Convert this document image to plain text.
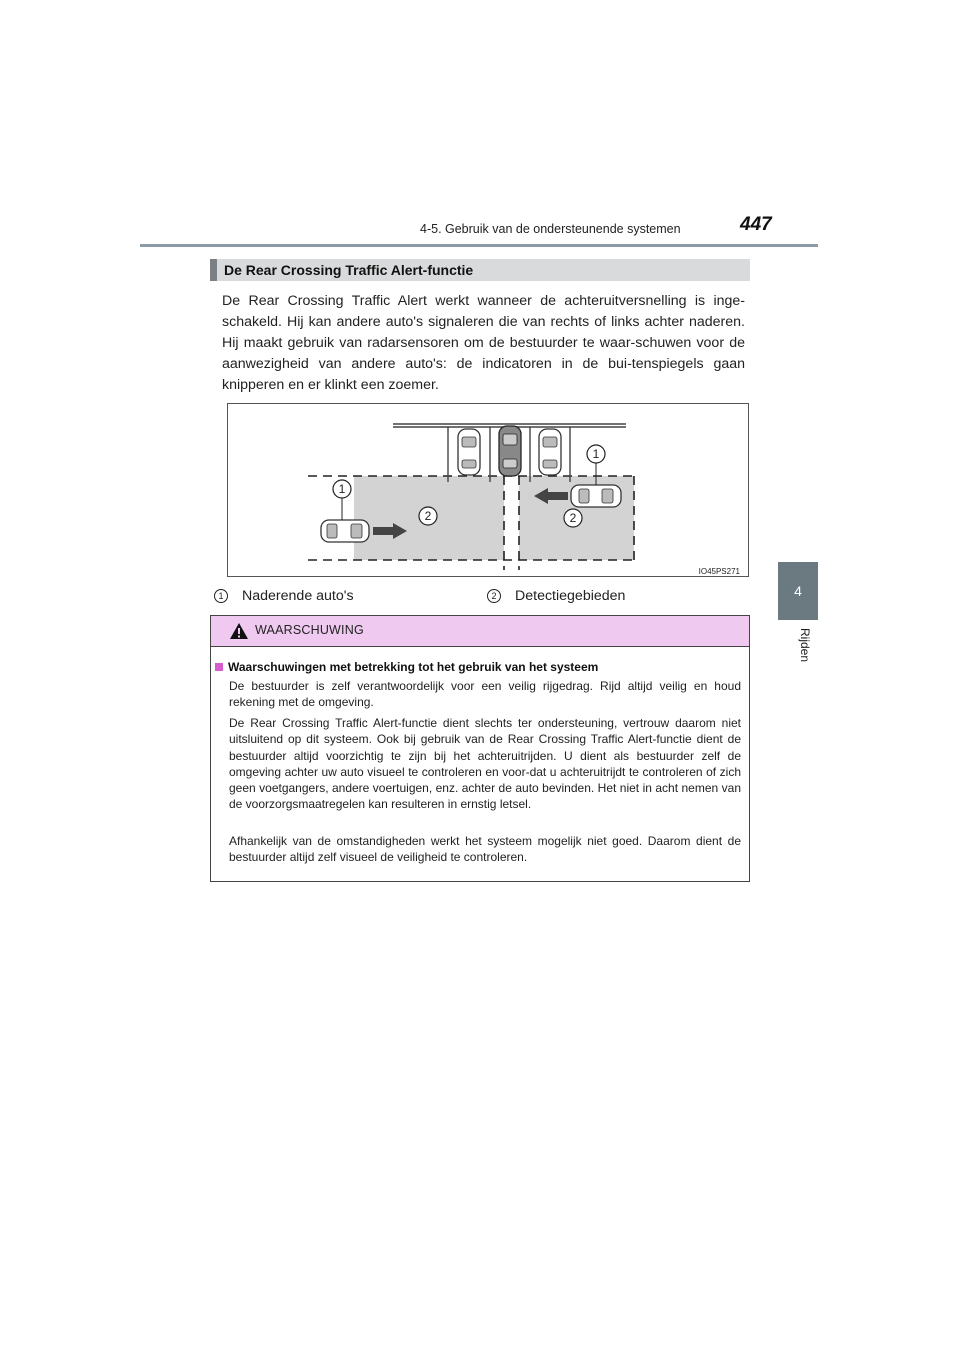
4-5. Gebruik van de ondersteunende systemen	447
4
Rijden
De Rear Crossing Traffic Alert-functie
De Rear Crossing Traffic Alert werkt wanneer de achteruitversnelling is inge-schakeld. Hij kan andere auto's signaleren die van rechts of links achter naderen. Hij maakt gebruik van radarsensoren om de bestuurder te waar-schuwen voor de aanwezigheid van andere auto's: de indicatoren in de bui-tenspiegels gaan knipperen en er klinkt een zoemer.
1
1
2	2
IO45PS271
1 Naderende auto's	2 Detectiegebieden
WAARSCHUWING
Waarschuwingen met betrekking tot het gebruik van het systeem
De bestuurder is zelf verantwoordelijk voor een veilig rijgedrag. Rijd altijd veilig en houd rekening met de omgeving.
De Rear Crossing Traffic Alert-functie dient slechts ter ondersteuning, vertrouw daarom niet uitsluitend op dit systeem. Ook bij gebruik van de Rear Crossing Traffic Alert-functie dient de bestuurder altijd voorzichtig te zijn bij het achteruitrijden. U dient als bestuurder zelf de omgeving achter uw auto visueel te controleren en voor-dat u achteruitrijdt te controleren of zich geen voetgangers, andere voertuigen, enz. achter de auto bevinden. Het niet in acht nemen van de voorzorgsmaatregelen kan resulteren in ernstig letsel.
Afhankelijk van de omstandigheden werkt het systeem mogelijk niet goed. Daarom dient de bestuurder altijd zelf visueel de veiligheid te controleren.
